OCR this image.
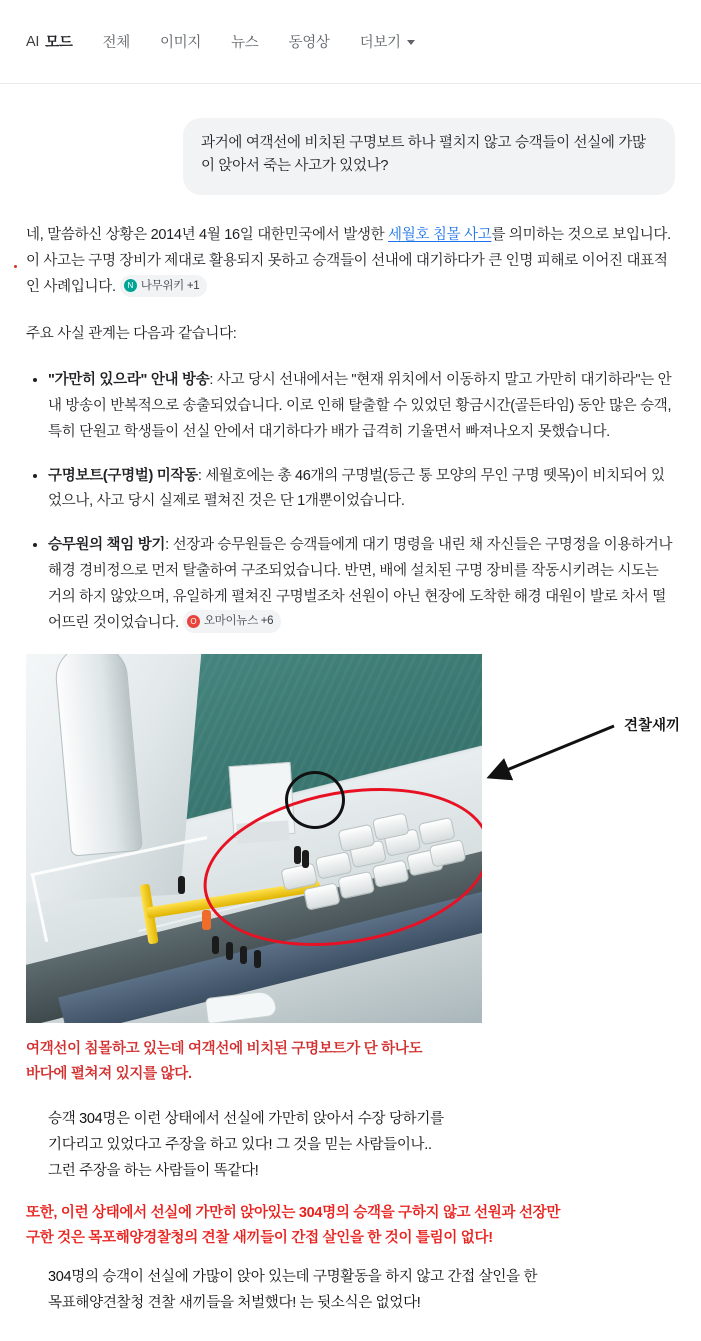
AI 모드 전체 이미지 뉴스 동영상 더보기
과거에 여객선에 비치된 구명보트 하나 펼치지 않고 승객들이 선실에 가많이 앉아서 죽는 사고가 있었나?
네, 말씀하신 상황은 2014년 4월 16일 대한민국에서 발생한 세월호 침몰 사고를 의미하는 것으로 보입니다. 이 사고는 구명 장비가 제대로 활용되지 못하고 승객들이 선내에 대기하다가 큰 인명 피해로 이어진 대표적인 사례입니다.	N 나무위키 +1
주요 사실 관계는 다음과 같습니다:
• "가만히 있으라" 안내 방송: 사고 당시 선내에서는 "현재 위치에서 이동하지 말고 가만히 대기하라"는 안내 방송이 반복적으로 송출되었습니다. 이로 인해 탈출할 수 있었던 황금시간(골든타임) 동안 많은 승객, 특히 단원고 학생들이 선실 안에서 대기하다가 배가 급격히 기울면서 빠져나오지 못했습니다.
• 구명보트(구명벌) 미작동: 세월호에는 총 46개의 구명벌(등근 통 모양의 무인 구명 뗏목)이 비치되어 있었으나, 사고 당시 실제로 펼쳐진 것은 단 1개뿐이었습니다.
• 승무원의 책임 방기: 선장과 승무원들은 승객들에게 대기 명령을 내린 채 자신들은 구명정을 이용하거나 해경 경비정으로 먼저 탈출하여 구조되었습니다. 반면, 배에 설치된 구명 장비를 작동시키려는 시도는 거의 하지 않았으며, 유일하게 펼쳐진 구명벌조차 선원이 아닌 현장에 도착한 해경 대원이 발로 차서 떨어뜨린 것이었습니다.	O 오마이뉴스 +6
견찰새끼
여객선이 침몰하고 있는데 여객선에 비치된 구명보트가 단 하나도
바다에 펼쳐져 있지를 않다.
승객 304명은 이런 상태에서 선실에 가만히 앉아서 수장 당하기를
기다리고 있었다고 주장을 하고 있다! 그 것을 믿는 사람들이나..
그런 주장을 하는 사람들이 똑같다!
또한, 이런 상태에서 선실에 가만히 앉아있는 304명의 승객을 구하지 않고 선원과 선장만
구한 것은 목포해양경찰청의 견찰 새끼들이 간접 살인을 한 것이 틀림이 없다!
304명의 승객이 선실에 가많이 앉아 있는데 구명활동을 하지 않고 간접 살인을 한
목표해양견찰청 견찰 새끼들을 처벌했다! 는 뒷소식은 없었다!
